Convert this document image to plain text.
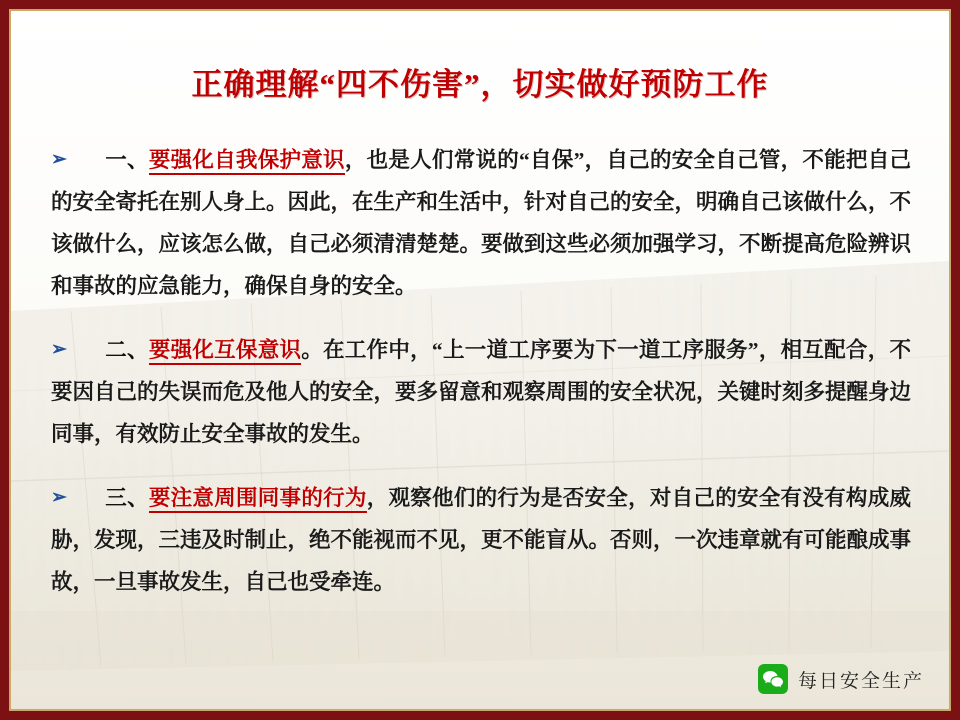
正确理解“四不伤害”，切实做好预防工作
➢ 一、要强化自我保护意识，也是人们常说的“自保”，自己的安全自己管，不能把自己的安全寄托在别人身上。因此，在生产和生活中，针对自己的安全，明确自己该做什么，不该做什么，应该怎么做，自己必须清清楚楚。要做到这些必须加强学习，不断提高危险辨识和事故的应急能力，确保自身的安全。
➢ 二、要强化互保意识。在工作中，“上一道工序要为下一道工序服务”，相互配合，不要因自己的失误而危及他人的安全，要多留意和观察周围的安全状况，关键时刻多提醒身边同事，有效防止安全事故的发生。
➢ 三、要注意周围同事的行为，观察他们的行为是否安全，对自己的安全有没有构成威胁，发现，三违及时制止，绝不能视而不见，更不能盲从。否则，一次违章就有可能酿成事故，一旦事故发生，自己也受牵连。
每日安全生产
